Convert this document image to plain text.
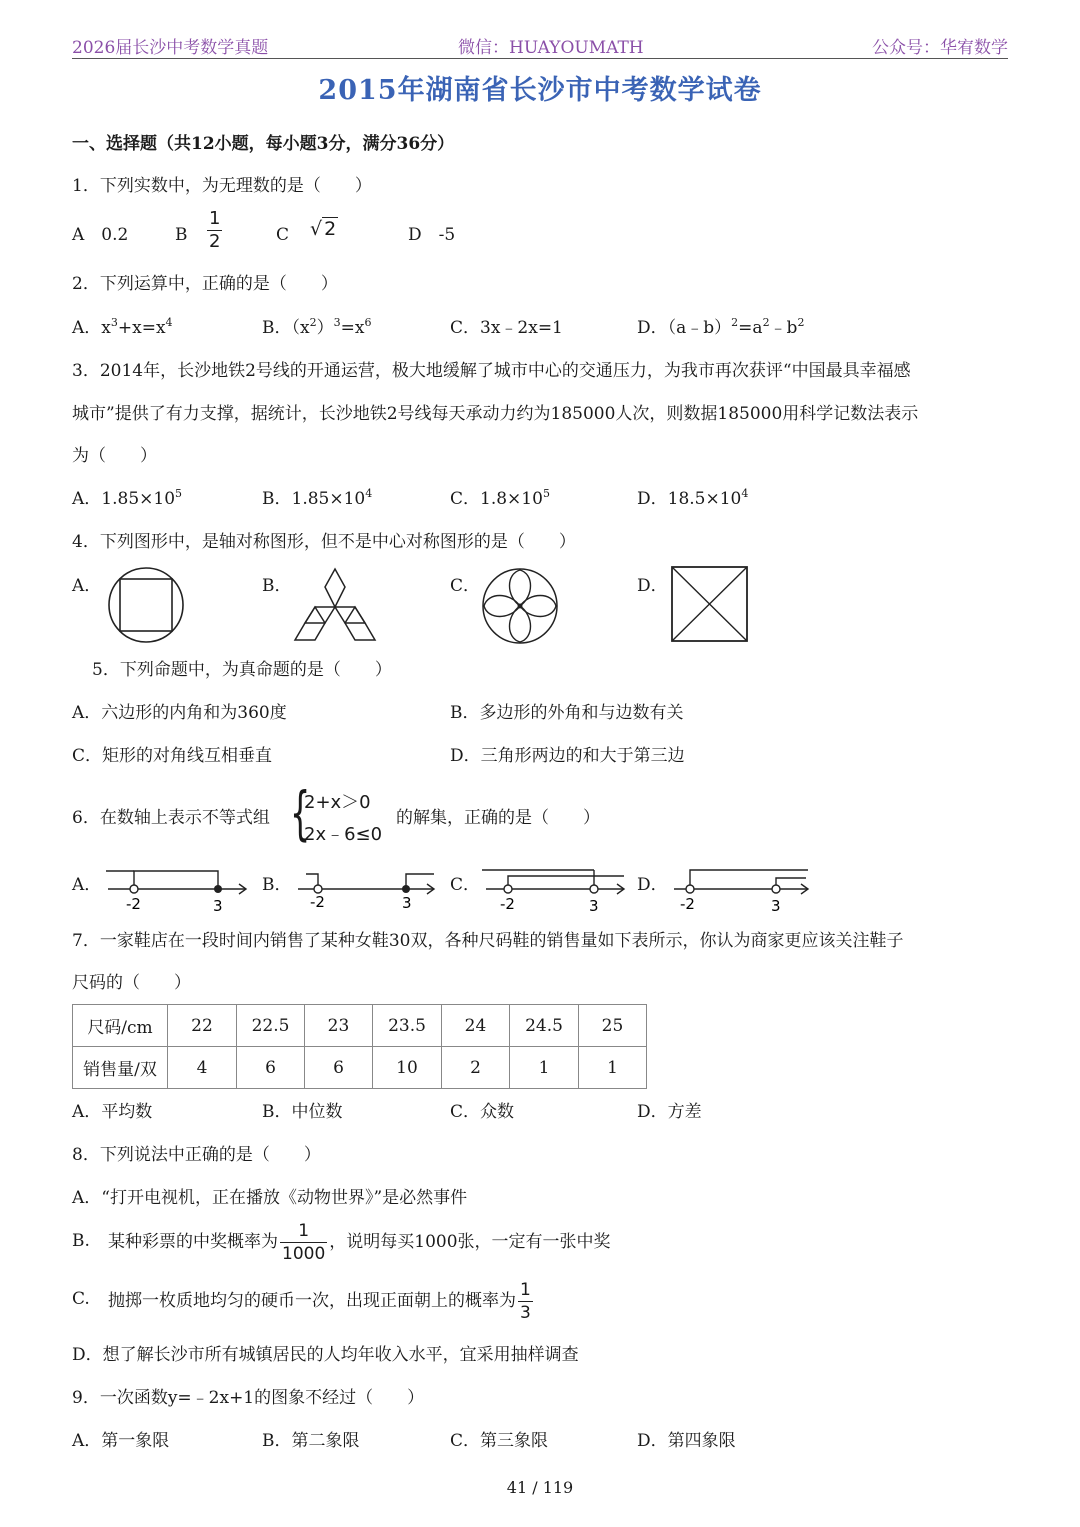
2026届长沙中考数学真题	微信：HUAYOUMATH	公众号：华宥数学
2015年湖南省长沙市中考数学试卷
一、选择题（共12小题，每小题3分，满分36分）
1．下列实数中，为无理数的是（　　）
A　0.2	B $\frac{1}{2}$	C √ 2	D　-5
2．下列运算中，正确的是（　　）
A．$x^3+x=x^4$	B．$(x^2)^3=x^6$	C．3x﹣2x=1	D．$(a﹣b)^2=a^2﹣b^2$
3．2014年，长沙地铁2号线的开通运营，极大地缓解了城市中心的交通压力，为我市再次获评“中国最具幸福感
城市”提供了有力支撑，据统计，长沙地铁2号线每天承动力约为185000人次，则数据185000用科学记数法表示
为（　　）
A．$1.85\times 10^5$	B．$1.85\times 10^4$	C．$1.8\times 10^5$	D．$18.5\times 10^4$
4．下列图形中，是轴对称图形，但不是中心对称图形的是（　　）
A．	B．	C．	D．
5．下列命题中，为真命题的是（　　）
A．六边形的内角和为360度	B．多边形的外角和与边数有关
C．矩形的对角线互相垂直	D．三角形两边的和大于第三边
6．在数轴上表示不等式组 {
2+x＞0
2x﹣6≤0
的解集，正确的是（　　）
A．
-2	3
B．
-2	3
C．
-2	3
D．
-2	3
7．一家鞋店在一段时间内销售了某种女鞋30双，各种尺码鞋的销售量如下表所示，你认为商家更应该关注鞋子
尺码的（　　）
尺码/cm	22	22.5	23	23.5	24	24.5	25
销售量/双	4	6	6	10	2	1	1
A．平均数	B．中位数	C．众数	D．方差
8．下列说法中正确的是（　　）
A．“打开电视机，正在播放《动物世界》”是必然事件
B. 某种彩票的中奖概率为 $\frac{1}{1000}$ ，说明每买1000张，一定有一张中奖
C. 抛掷一枚质地均匀的硬币一次，出现正面朝上的概率为 $\frac{1}{3}$
D．想了解长沙市所有城镇居民的人均年收入水平，宜采用抽样调查
9．一次函数y=﹣2x+1的图象不经过（　　）
A．第一象限	B．第二象限	C．第三象限	D．第四象限
41 / 119
